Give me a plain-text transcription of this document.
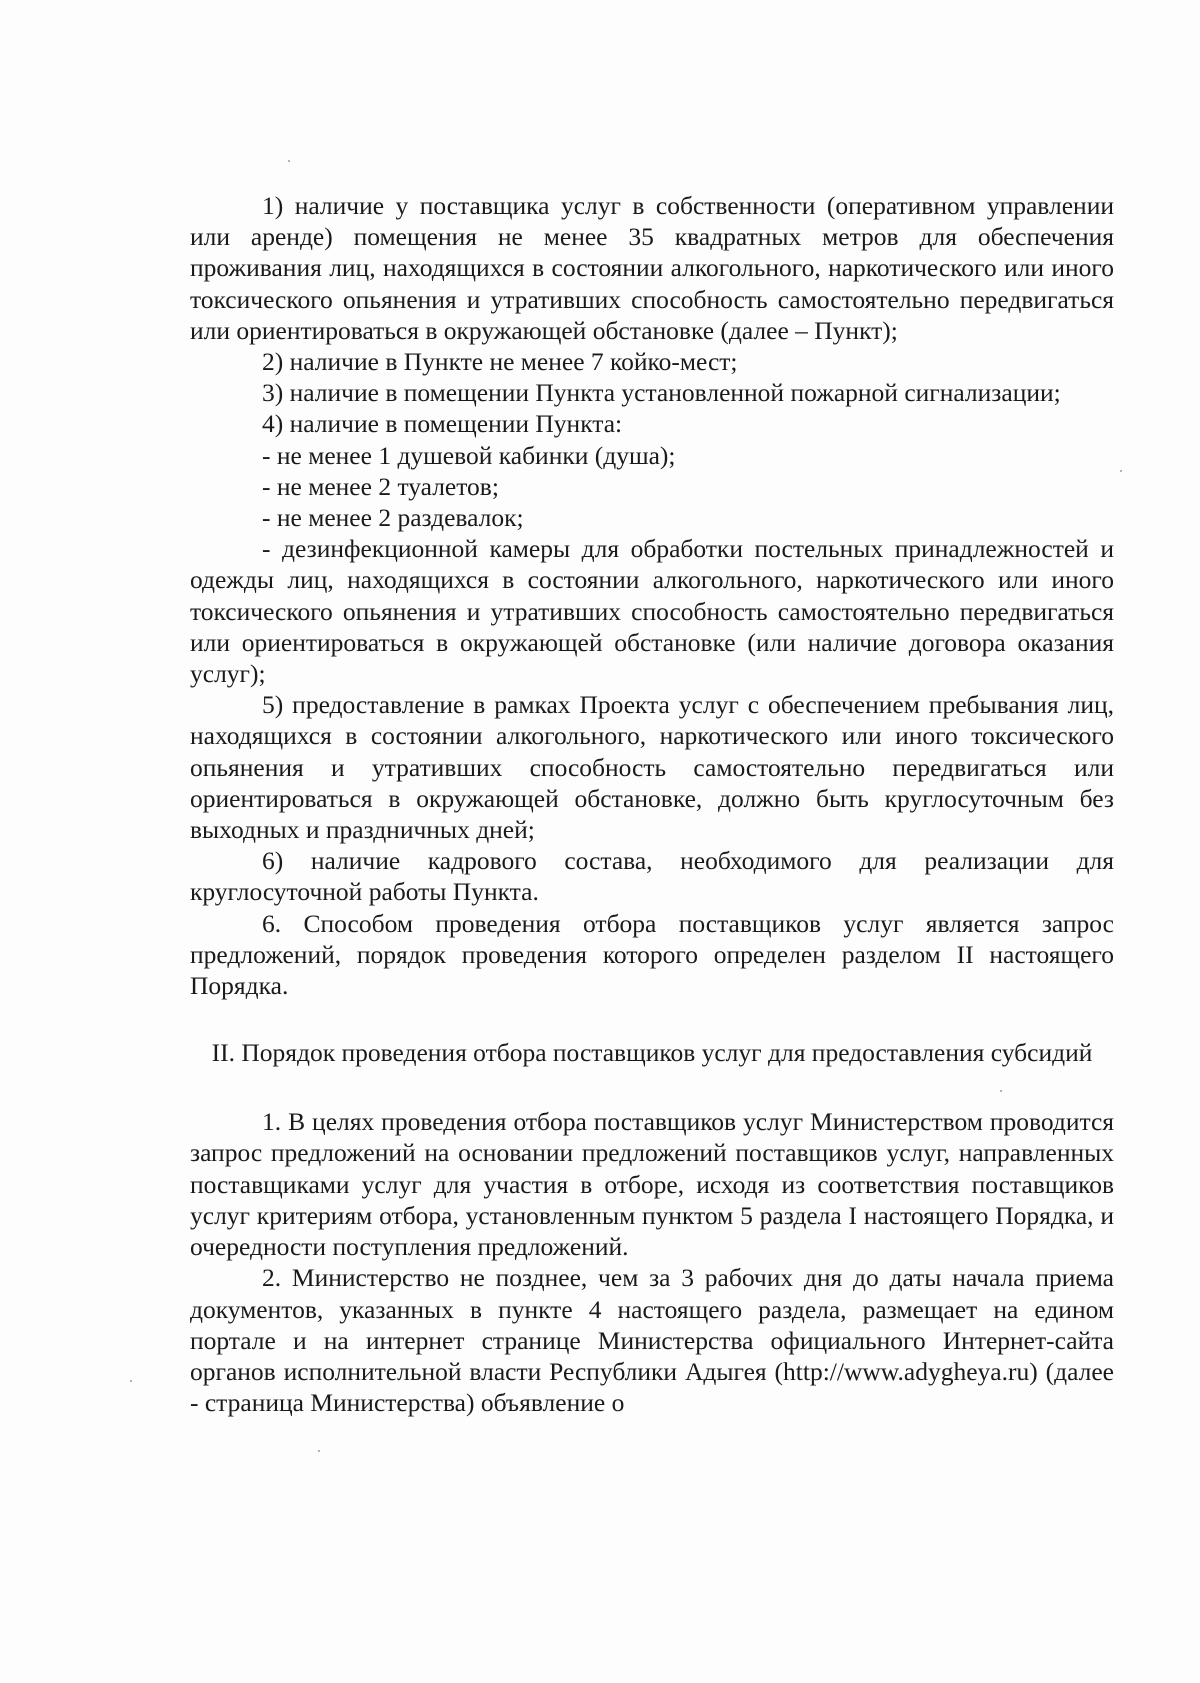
1) наличие у поставщика услуг в собственности (оперативном управлении или аренде) помещения не менее 35 квадратных метров для обеспечения проживания лиц, находящихся в состоянии алкогольного, наркотического или иного токсического опьянения и утративших способность самостоятельно передвигаться или ориентироваться в окружающей обстановке (далее – Пункт);

2) наличие в Пункте не менее 7 койко-мест;

3) наличие в помещении Пункта установленной пожарной сигнализации;

4) наличие в помещении Пункта:

- не менее 1 душевой кабинки (душа);

- не менее 2 туалетов;

- не менее 2 раздевалок;

- дезинфекционной камеры для обработки постельных принадлежностей и одежды лиц, находящихся в состоянии алкогольного, наркотического или иного токсического опьянения и утративших способность самостоятельно передвигаться или ориентироваться в окружающей обстановке (или наличие договора оказания услуг);

5) предоставление в рамках Проекта услуг с обеспечением пребывания лиц, находящихся в состоянии алкогольного, наркотического или иного токсического опьянения и утративших способность самостоятельно передвигаться или ориентироваться в окружающей обстановке, должно быть круглосуточным без выходных и праздничных дней;

6) наличие кадрового состава, необходимого для реализации для круглосуточной работы Пункта.

6. Способом проведения отбора поставщиков услуг является запрос предложений, порядок проведения которого определен разделом II настоящего Порядка.

II. Порядок проведения отбора поставщиков услуг для предоставления субсидий

1. В целях проведения отбора поставщиков услуг Министерством проводится запрос предложений на основании предложений поставщиков услуг, направленных поставщиками услуг для участия в отборе, исходя из соответствия поставщиков услуг критериям отбора, установленным пунктом 5 раздела I настоящего Порядка, и очередности поступления предложений.

2. Министерство не позднее, чем за 3 рабочих дня до даты начала приема документов, указанных в пункте 4 настоящего раздела, размещает на едином портале и на интернет странице Министерства официального Интернет-сайта органов исполнительной власти Республики Адыгея (http://www.adygheya.ru) (далее - страница Министерства) объявление о
